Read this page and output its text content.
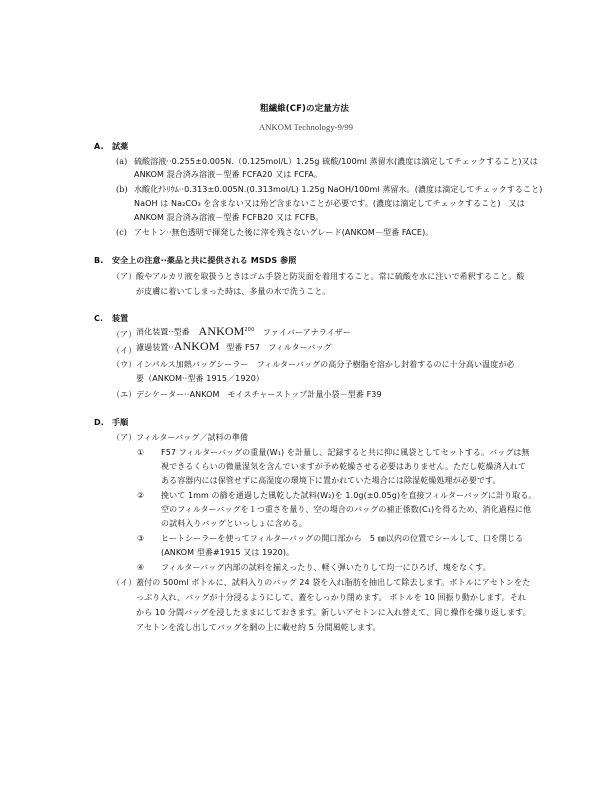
粗繊維(CF)の定量方法
ANKOM Technology-9/99
A. 試薬
(a) 硫酸溶液··0.255±0.005N.（0.125mol/L）1.25g 硫酸/100ml 蒸留水(濃度は滴定してチェックすること)又は
ANKOM 混合済み溶液－型番 FCFA20 又は FCFA。
(b) 水酸化ﾅﾄﾘｳﾑ··0.313±0.005N.(0.313mol/L) 1.25g NaOH/100ml 蒸留水。(濃度は滴定してチェックすること)
NaOH は Na₂CO₃ を含まない又は殆ど含まないことが必要です。(濃度は滴定してチェックすること)　又は
ANKOM 混合済み溶液－型番 FCFB20 又は FCFB。
(c) アセトン··無色透明で揮発した後に滓を残さないグレード(ANKOM－型番 FACE)。
B. 安全上の注意··薬品と共に提供される MSDS 参照
（ア） 酸やアルカリ液を取扱うときはゴム手袋と防災面を着用すること。常に硫酸を水に注いで希釈すること。酸
が皮膚に着いてしまった時は、多量の水で洗うこと。
C. 装置
（ア） 消化装置··型番 ANKOM$^{200}$ ファイバーアナライザー
（イ） 濾過装置··ANKOM 型番 F57　フィルターバッグ
（ウ） インパルス加熱バッグシーラー　フィルターバッグの高分子樹脂を溶かし封着するのに十分高い温度が必
要（ANKOM··型番 1915／1920）
（エ） デシケーター··ANKOM　モイスチャーストップ計量小袋－型番 F39
D. 手順
（ア） フィルターバッグ／試料の準備
① F57 フィルターバッグの重量(W₁) を計量し、記録すると共に抑に風袋としてセットする。バッグは無
視できるくらいの微量湿気を含んでいますが予め乾燥させる必要はありません。ただし乾燥済入れて
ある容器内には保管せずに高湿度の環境下に置かれていた場合には除湿乾燥処理が必要です。
② 挽いて 1mm の篩を通過した風乾した試料(W₂)を 1.0g(±0.05g)を直接フィルターバッグに計り取る。
空のフィルターバッグを１つ重さを量り、空の場合のバッグの補正係数(C₁)を得るため、消化過程に他
の試料入りバッグといっしょに含める。
③ ヒートシーラーを使ってフィルターバッグの開口部から　5 ㎜以内の位置でシールして、口を閉じる
(ANKOM 型番#1915 又は 1920)。
④ フィルターバッグ内部の試料を揃えったり、軽く弾いたりして均一にひろげ、塊をなくす。
（イ） 蓋付の 500ml ボトルに、試料入りのバッグ 24 袋を入れ脂肪を抽出して除去します。ボトルにアセトンをた
っぷり入れ、バッグが十分浸るようにして、蓋をしっかり閉めます。 ボトルを 10 回振り動かします。それ
から 10 分間バッグを浸したままにしておきます。新しいアセトンに入れ替えて、同じ操作を繰り返します。
アセトンを流し出してバッグを網の上に載せ約 5 分間風乾します。
